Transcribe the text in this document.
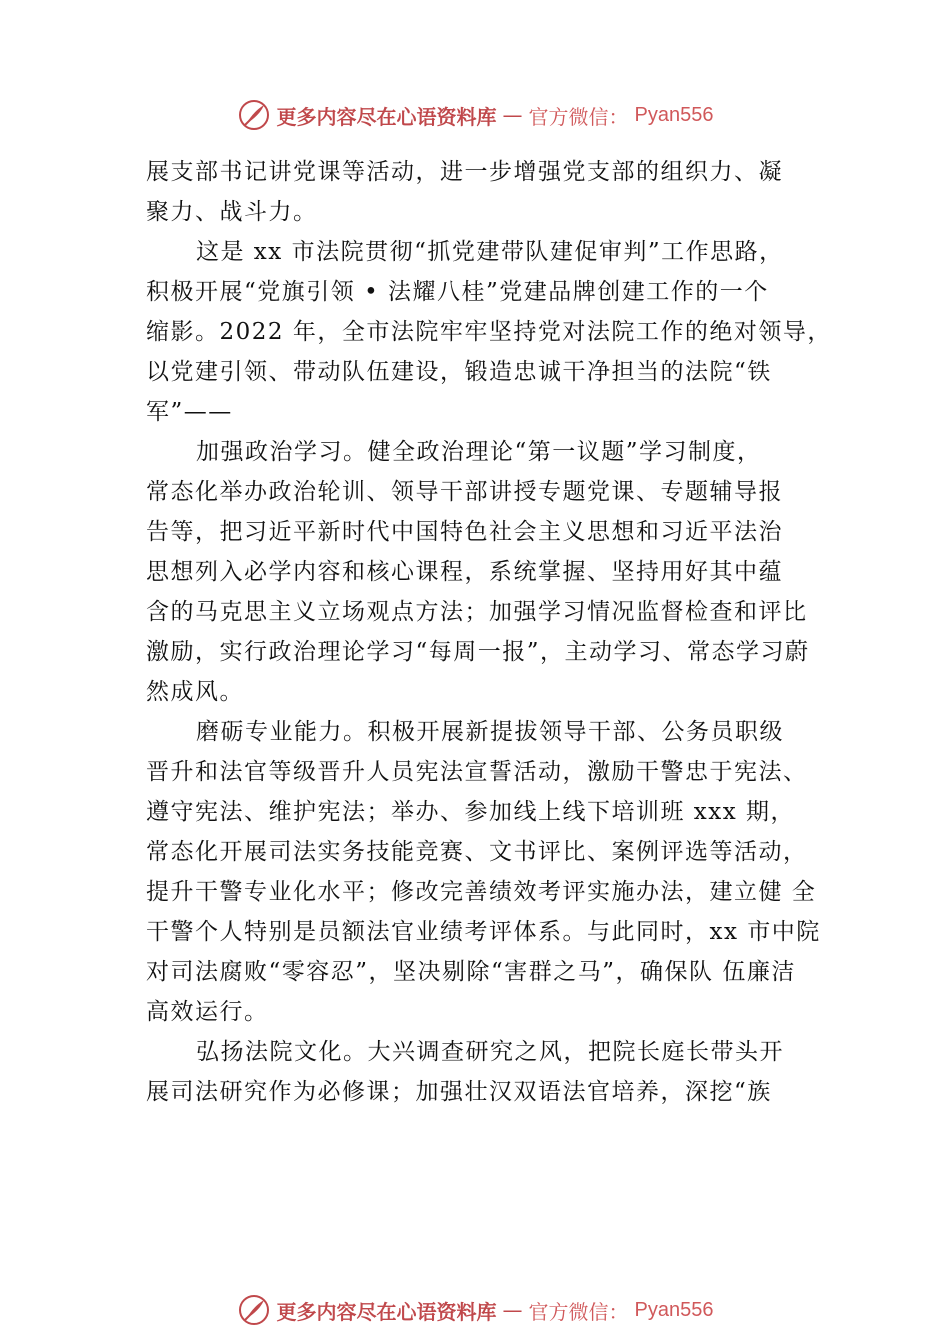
更多内容尽在心语资料库 — 官方微信： Pyan556
展支部书记讲党课等活动，进一步增强党支部的组织力、凝
聚力、战斗力。
这是 xx 市法院贯彻“抓党建带队建促审判”工作思路，
积极开展“党旗引领 • 法耀八桂”党建品牌创建工作的一个
缩影。2022 年，全市法院牢牢坚持党对法院工作的绝对领导，
以党建引领、带动队伍建设，锻造忠诚干净担当的法院“铁
军”——
加强政治学习。健全政治理论“第一议题”学习制度，
常态化举办政治轮训、领导干部讲授专题党课、专题辅导报
告等，把习近平新时代中国特色社会主义思想和习近平法治
思想列入必学内容和核心课程，系统掌握、坚持用好其中蕴
含的马克思主义立场观点方法；加强学习情况监督检查和评比
激励，实行政治理论学习“每周一报”，主动学习、常态学习蔚
然成风。
磨砺专业能力。积极开展新提拔领导干部、公务员职级
晋升和法官等级晋升人员宪法宣誓活动，激励干警忠于宪法、
遵守宪法、维护宪法；举办、参加线上线下培训班 xxx 期，
常态化开展司法实务技能竞赛、文书评比、案例评选等活动，
提升干警专业化水平；修改完善绩效考评实施办法，建立健 全
干警个人特别是员额法官业绩考评体系。与此同时，xx 市中院
对司法腐败“零容忍”，坚决剔除“害群之马”，确保队 伍廉洁
高效运行。
弘扬法院文化。大兴调查研究之风，把院长庭长带头开
展司法研究作为必修课；加强壮汉双语法官培养，深挖“族
更多内容尽在心语资料库 — 官方微信： Pyan556
